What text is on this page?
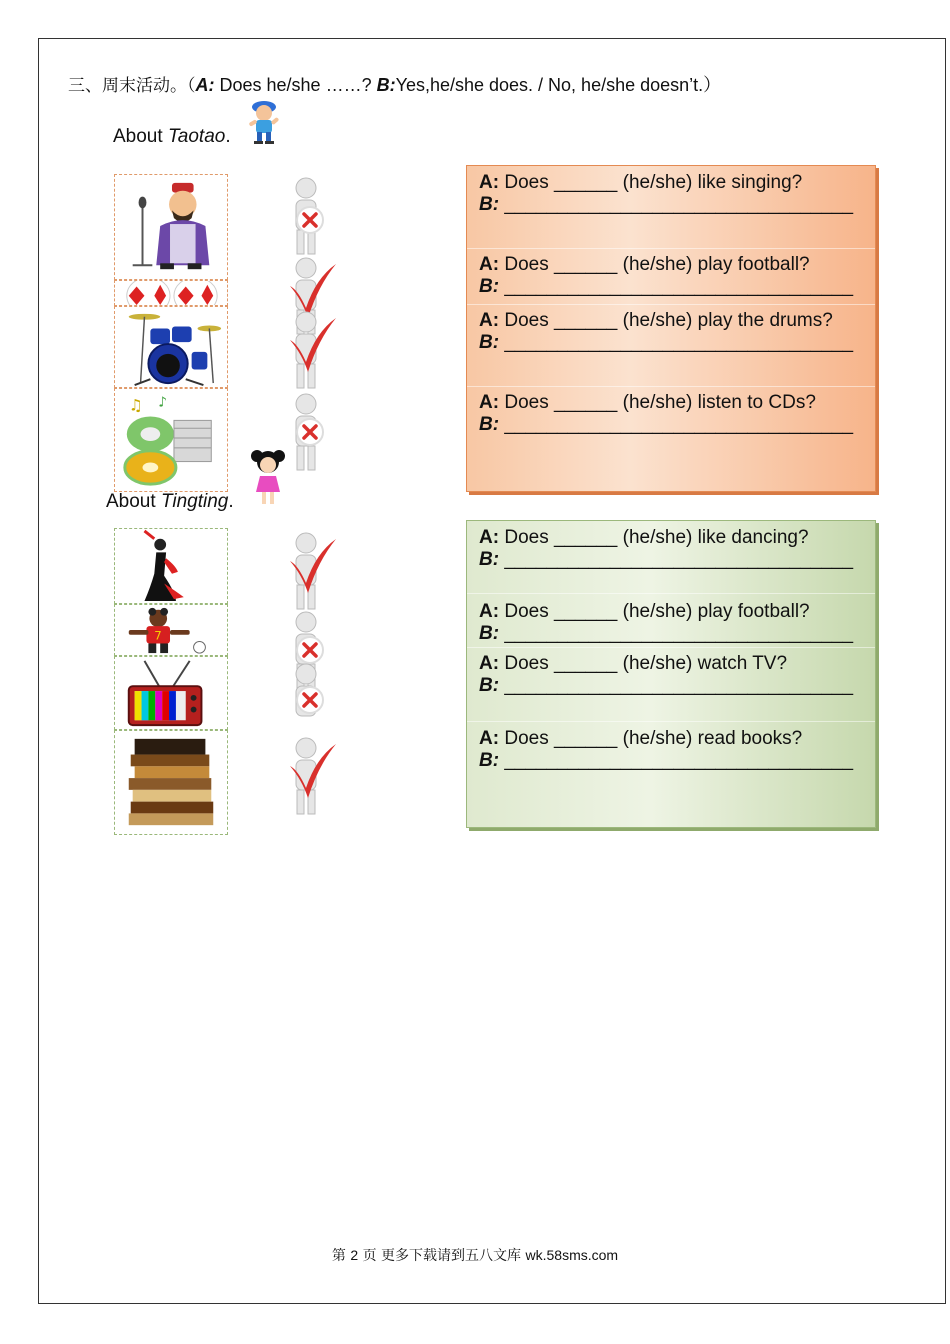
三、周末活动。（A: Does he/she ……? B:Yes,he/she does. / No, he/she doesn’t.）
About Taotao.
♫ ♪
A: Does ______ (he/she) like singing?
B: _________________________________
A: Does ______ (he/she) play football?
B: _________________________________
A: Does ______ (he/she) play the drums?
B: _________________________________
A: Does ______ (he/she) listen to CDs?
B: _________________________________
About Tingting.
7
A: Does ______ (he/she) like dancing?
B: _________________________________
A: Does ______ (he/she) play football?
B: _________________________________
A: Does ______ (he/she) watch TV?
B: _________________________________
A: Does ______ (he/she) read books?
B: _________________________________
第 2 页 更多下载请到五八文库 wk.58sms.com
